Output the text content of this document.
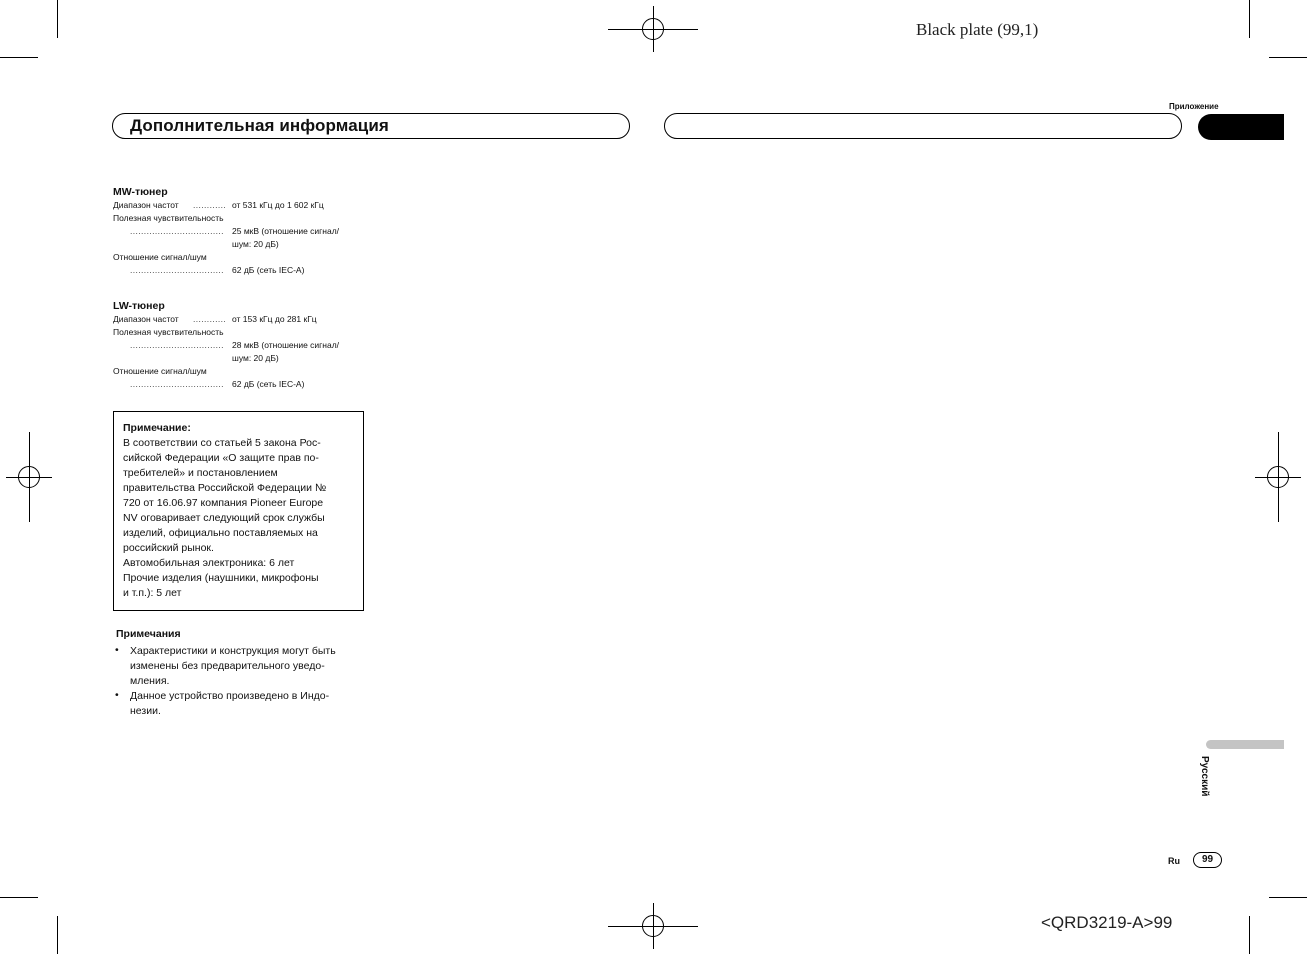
Black plate (99,1)
Дополнительная информация
Приложение
MW-тюнер
Диапазон частот ............ от 531 кГц до 1 602 кГц
Полезная чувствительность
.................................. 25 мкВ (отношение сигнал/
шум: 20 дБ)
Отношение сигнал/шум
.................................. 62 дБ (сеть IEC-A)
LW-тюнер
Диапазон частот ............ от 153 кГц до 281 кГц
Полезная чувствительность
.................................. 28 мкВ (отношение сигнал/
шум: 20 дБ)
Отношение сигнал/шум
.................................. 62 дБ (сеть IEC-A)
Примечание:
В соответствии со статьей 5 закона Рос-
сийской Федерации «О защите прав по-
требителей» и постановлением
правительства Российской Федерации №
720 от 16.06.97 компания Pioneer Europe
NV оговаривает следующий срок службы
изделий, официально поставляемых на
российский рынок.
Автомобильная электроника: 6 лет
Прочие изделия (наушники, микрофоны
и т.п.): 5 лет
Примечания
• Характеристики и конструкция могут быть
изменены без предварительного уведо-
мления.
• Данное устройство произведено в Индо-
незии.
Русский
Ru	99
<QRD3219-A>99
